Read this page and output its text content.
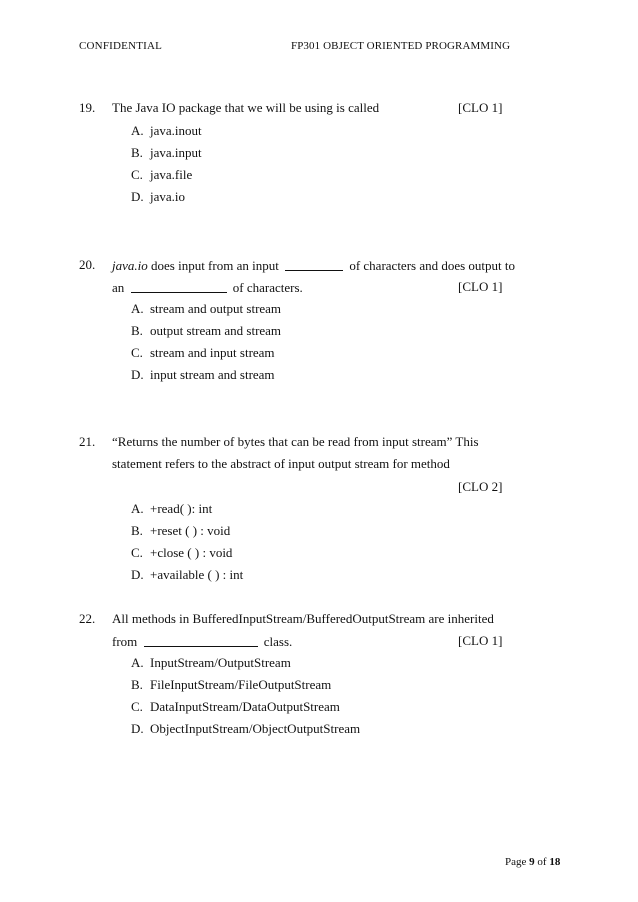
CONFIDENTIAL	FP301 OBJECT ORIENTED PROGRAMMING
19. The Java IO package that we will be using is called	[CLO 1]
A. java.inout
B. java.input
C. java.file
D. java.io
20. java.io does input from an input	of characters and does output to
an	of characters.	[CLO 1]
A. stream and output stream
B. output stream and stream
C. stream and input stream
D. input stream and stream
21. “Returns the number of bytes that can be read from input stream” This
statement refers to the abstract of input output stream for method
[CLO 2]
A. +read( ): int
B. +reset ( ) : void
C. +close ( ) : void
D. +available ( ) : int
22. All methods in BufferedInputStream/BufferedOutputStream are inherited
from	class.	[CLO 1]
A. InputStream/OutputStream
B. FileInputStream/FileOutputStream
C. DataInputStream/DataOutputStream
D. ObjectInputStream/ObjectOutputStream
Page 9 of 18
